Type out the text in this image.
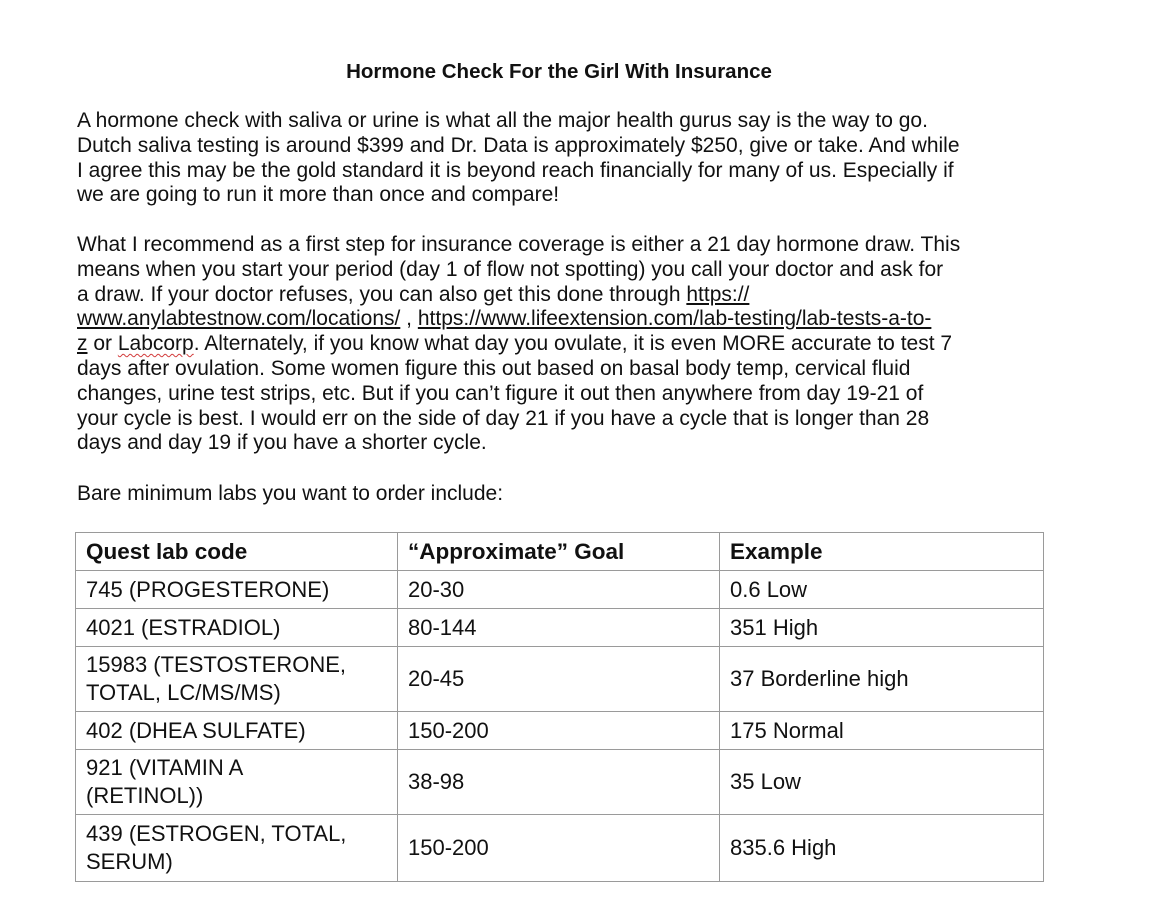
Hormone Check For the Girl With Insurance

A hormone check with saliva or urine is what all the major health gurus say is the way to go.
Dutch saliva testing is around $399 and Dr. Data is approximately $250, give or take. And while
I agree this may be the gold standard it is beyond reach financially for many of us. Especially if
we are going to run it more than once and compare!

What I recommend as a first step for insurance coverage is either a 21 day hormone draw. This
means when you start your period (day 1 of flow not spotting) you call your doctor and ask for
a draw. If your doctor refuses, you can also get this done through https://
www.anylabtestnow.com/locations/ , https://www.lifeextension.com/lab-testing/lab-tests-a-to-
z or Labcorp. Alternately, if you know what day you ovulate, it is even MORE accurate to test 7
days after ovulation. Some women figure this out based on basal body temp, cervical fluid
changes, urine test strips, etc. But if you can’t figure it out then anywhere from day 19-21 of
your cycle is best. I would err on the side of day 21 if you have a cycle that is longer than 28
days and day 19 if you have a shorter cycle.

Bare minimum labs you want to order include:

Quest lab code	“Approximate” Goal	Example

745 (PROGESTERONE)	20-30	0.6 Low

4021 (ESTRADIOL)	80-144	351 High

15983 (TESTOSTERONE,
TOTAL, LC/MS/MS)	20-45	37 Borderline high

402 (DHEA SULFATE)	150-200	175 Normal

921 (VITAMIN A
(RETINOL))	38-98	35 Low

439 (ESTROGEN, TOTAL,
SERUM)	150-200	835.6 High
